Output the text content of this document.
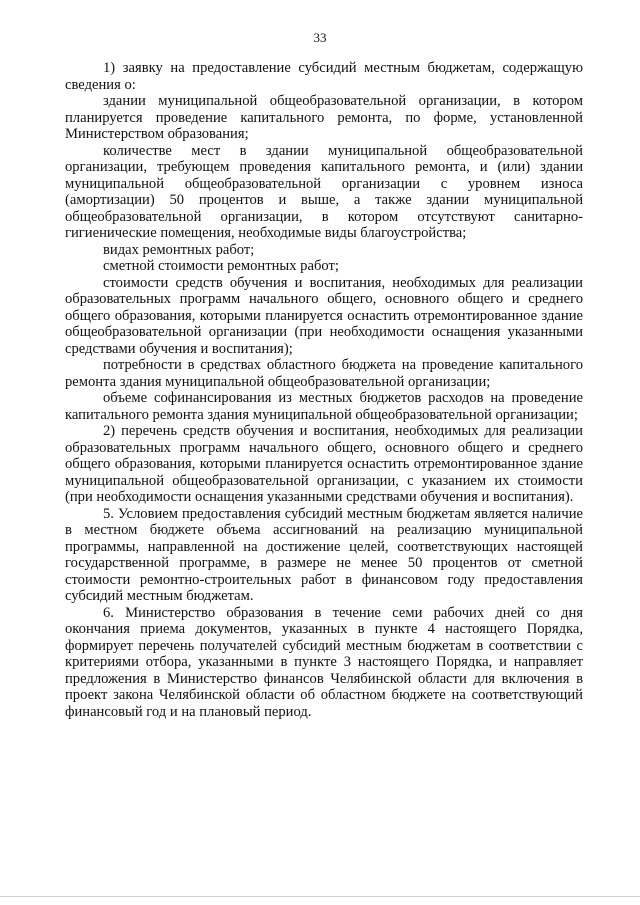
33

1) заявку на предоставление субсидий местным бюджетам, содержащую сведения о:

здании муниципальной общеобразовательной организации, в котором планируется проведение капитального ремонта, по форме, установленной Министерством образования;

количестве мест в здании муниципальной общеобразовательной организации, требующем проведения капитального ремонта, и (или) здании муниципальной общеобразовательной организации с уровнем износа (амортизации) 50 процентов и выше, а также здании муниципальной общеобразовательной организации, в котором отсутствуют санитарно-гигиенические помещения, необходимые виды благоустройства;

видах ремонтных работ;

сметной стоимости ремонтных работ;

стоимости средств обучения и воспитания, необходимых для реализации образовательных программ начального общего, основного общего и среднего общего образования, которыми планируется оснастить отремонтированное здание общеобразовательной организации (при необходимости оснащения указанными средствами обучения и воспитания);

потребности в средствах областного бюджета на проведение капитального ремонта здания муниципальной общеобразовательной организации;

объеме софинансирования из местных бюджетов расходов на проведение капитального ремонта здания муниципальной общеобразовательной организации;

2) перечень средств обучения и воспитания, необходимых для реализации образовательных программ начального общего, основного общего и среднего общего образования, которыми планируется оснастить отремонтированное здание муниципальной общеобразовательной организации, с указанием их стоимости (при необходимости оснащения указанными средствами обучения и воспитания).

5. Условием предоставления субсидий местным бюджетам является наличие в местном бюджете объема ассигнований на реализацию муниципальной программы, направленной на достижение целей, соответствующих настоящей государственной программе, в размере не менее 50 процентов от сметной стоимости ремонтно-строительных работ в финансовом году предоставления субсидий местным бюджетам.

6. Министерство образования в течение семи рабочих дней со дня окончания приема документов, указанных в пункте 4 настоящего Порядка, формирует перечень получателей субсидий местным бюджетам в соответствии с критериями отбора, указанными в пункте 3 настоящего Порядка, и направляет предложения в Министерство финансов Челябинской области для включения в проект закона Челябинской области об областном бюджете на соответствующий финансовый год и на плановый период.
